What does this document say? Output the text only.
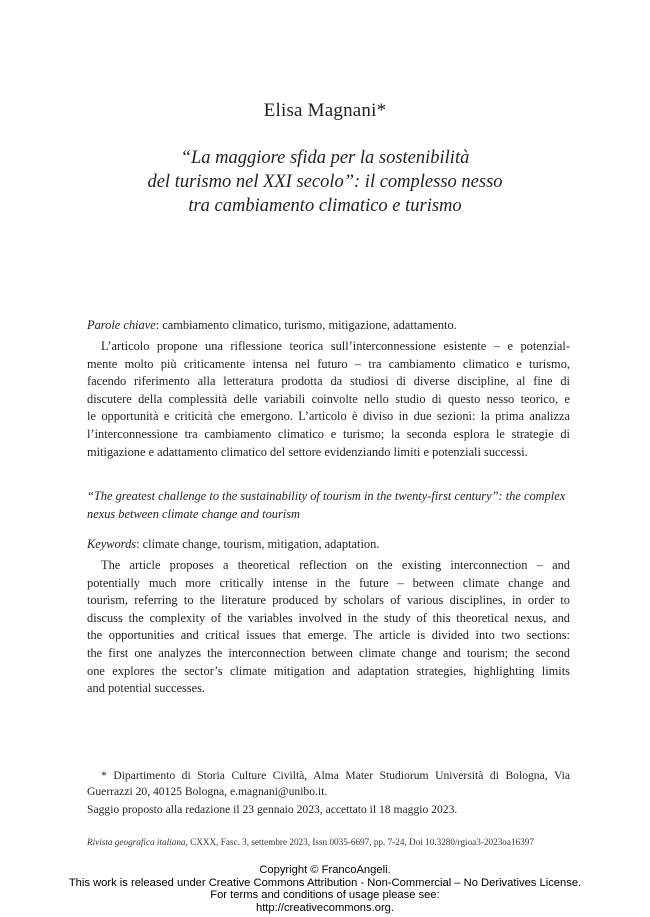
Elisa Magnani*
“La maggiore sfida per la sostenibilità
del turismo nel XXI secolo”: il complesso nesso
tra cambiamento climatico e turismo
Parole chiave: cambiamento climatico, turismo, mitigazione, adattamento.
L’articolo propone una riflessione teorica sull’interconnessione esistente – e potenzial-
mente molto più criticamente intensa nel futuro – tra cambiamento climatico e turismo,
facendo riferimento alla letteratura prodotta da studiosi di diverse discipline, al fine di
discutere della complessità delle variabili coinvolte nello studio di questo nesso teorico, e
le opportunità e criticità che emergono. L’articolo è diviso in due sezioni: la prima analizza
l’interconnessione tra cambiamento climatico e turismo; la seconda esplora le strategie di
mitigazione e adattamento climatico del settore evidenziando limiti e potenziali successi.
“The greatest challenge to the sustainability of tourism in the twenty-first century”: the complex
nexus between climate change and tourism
Keywords: climate change, tourism, mitigation, adaptation.
The article proposes a theoretical reflection on the existing interconnection – and
potentially much more critically intense in the future – between climate change and
tourism, referring to the literature produced by scholars of various disciplines, in order to
discuss the complexity of the variables involved in the study of this theoretical nexus, and
the opportunities and critical issues that emerge. The article is divided into two sections:
the first one analyzes the interconnection between climate change and tourism; the second
one explores the sector’s climate mitigation and adaptation strategies, highlighting limits
and potential successes.
* Dipartimento di Storia Culture Civiltà, Alma Mater Studiorum Università di Bologna, Via
Guerrazzi 20, 40125 Bologna, e.magnani@unibo.it.
Saggio proposto alla redazione il 23 gennaio 2023, accettato il 18 maggio 2023.
Rivista geografica italiana, CXXX, Fasc. 3, settembre 2023, Issn 0035-6697, pp. 7-24, Doi 10.3280/rgioa3-2023oa16397
Copyright © FrancoAngeli.
This work is released under Creative Commons Attribution - Non-Commercial – No Derivatives License.
For terms and conditions of usage please see:
http://creativecommons.org.
